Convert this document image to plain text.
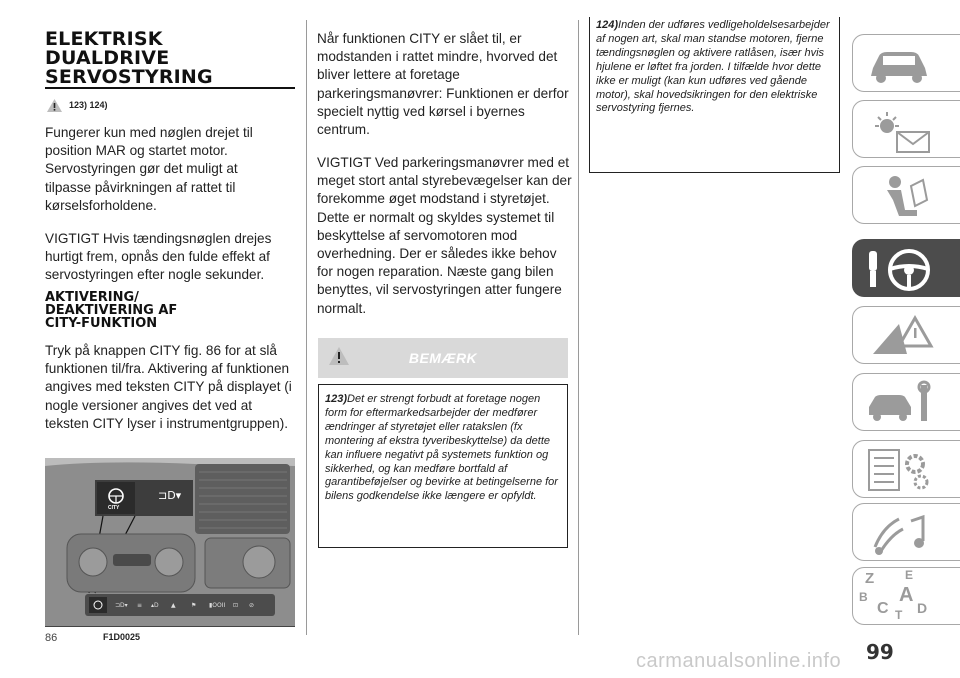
ELEKTRISK
DUALDRIVE
SERVOSTYRING
123) 124)
Fungerer kun med nøglen drejet til position MAR og startet motor. Servostyringen gør det muligt at tilpasse påvirkningen af rattet til kørselsforholdene.
VIGTIGT Hvis tændingsnøglen drejes hurtigt frem, opnås den fulde effekt af servostyringen efter nogle sekunder.
AKTIVERING/
DEAKTIVERING AF
CITY-FUNKTION
Tryk på knappen CITY fig. 86 for at slå funktionen til/fra. Aktivering af funktionen angives med teksten CITY på displayet (i nogle versioner angives det ved at teksten CITY lyser i instrumentgruppen).
⊐D▾
⊐D▾ ≡ ▴D ▲	⚑ ▮OOII ⊡ ⊘
CITY
86	F1D0025
Når funktionen CITY er slået til, er modstanden i rattet mindre, hvorved det bliver lettere at foretage parkeringsmanøvrer: Funktionen er derfor specielt nyttig ved kørsel i byernes centrum.
VIGTIGT Ved parkeringsmanøvrer med et meget stort antal styrebevægelser kan der forekomme øget modstand i styretøjet. Dette er normalt og skyldes systemet til beskyttelse af servomotoren mod overhedning. Der er således ikke behov for nogen reparation. Næste gang bilen benyttes, vil servostyringen atter fungere normalt.
BEMÆRK
123)Det er strengt forbudt at foretage nogen form for eftermarkedsarbejder der medfører ændringer af styretøjet eller ratakslen (fx montering af ekstra tyveribeskyttelse) da dette kan influere negativt på systemets funktion og sikkerhed, og kan medføre bortfald af garantibeføjelser og bevirke at betingelserne for bilens godkendelse ikke længere er opfyldt.
124)Inden der udføres vedligeholdelsesarbejder af nogen art, skal man standse motoren, fjerne tændingsnøglen og aktivere ratlåsen, især hvis hjulene er løftet fra jorden. I tilfælde hvor dette ikke er muligt (kan kun udføres ved gående motor), skal hovedsikringen for den elektriske servostyring fjernes.
Z	E
B A
C D
T
99
carmanualsonline.info
